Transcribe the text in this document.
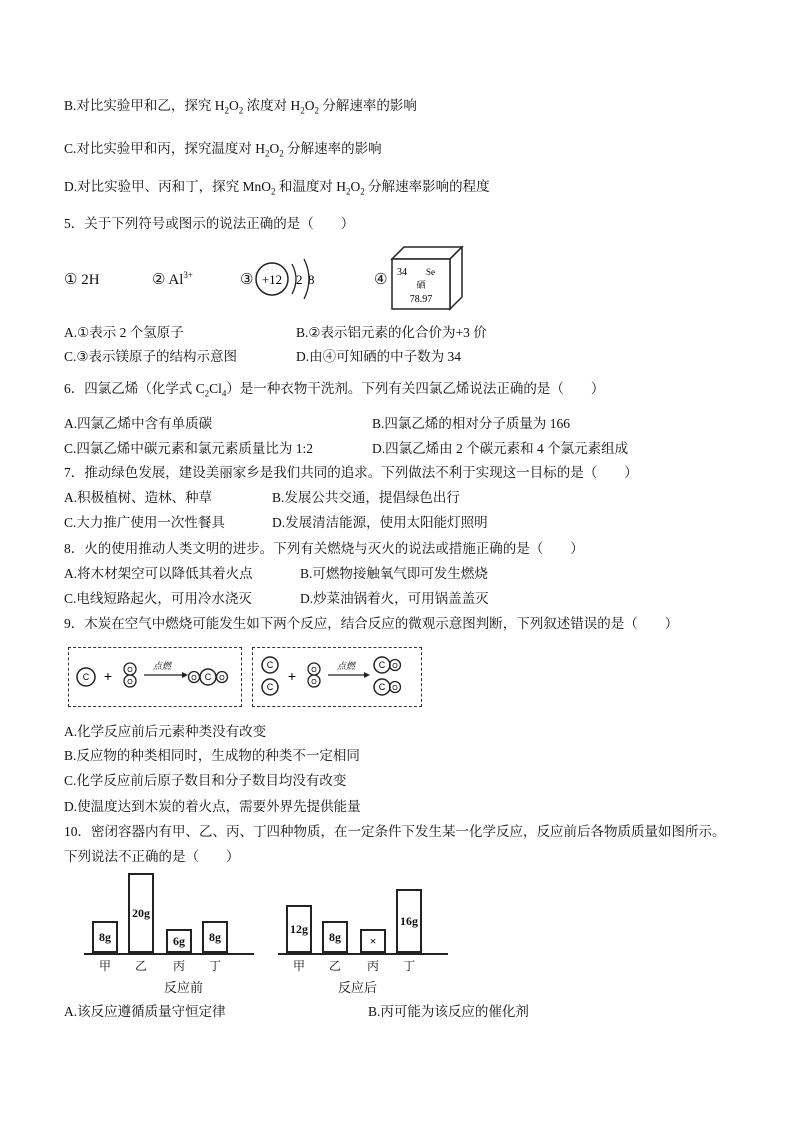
B.对比实验甲和乙，探究 $H_2O_2$ 浓度对 $H_2O_2$ 分解速率的影响
C.对比实验甲和丙，探究温度对 $H_2O_2$ 分解速率的影响
D.对比实验甲、丙和丁，探究 MnO$_2$ 和温度对 $H_2O_2$ 分解速率影响的程度
5．关于下列符号或图示的说法正确的是（　　）
① 2H	② $Al^{3+}$	③ +12 2 8	④ 34 Se
硒
78.97
A.①表示 2 个氢原子	B.②表示铝元素的化合价为+3 价
C.③表示镁原子的结构示意图	D.由④可知硒的中子数为 34
6．四氯乙烯（化学式 $C_2Cl_4$）是一种衣物干洗剂。下列有关四氯乙烯说法正确的是（　　）
A.四氯乙烯中含有单质碳	B.四氯乙烯的相对分子质量为 166
C.四氯乙烯中碳元素和氯元素质量比为 1:2	D.四氯乙烯由 2 个碳元素和 4 个氯元素组成
7．推动绿色发展，建设美丽家乡是我们共同的追求。下列做法不利于实现这一目标的是（　　）
A.积极植树、造林、种草	B.发展公共交通，提倡绿色出行
C.大力推广使用一次性餐具	D.发展清洁能源，使用太阳能灯照明
8．火的使用推动人类文明的进步。下列有关燃烧与灭火的说法或措施正确的是（　　）
A.将木材架空可以降低其着火点	B.可燃物接触氧气即可发生燃烧
C.电线短路起火，可用冷水浇灭	D.炒菜油锅着火，可用锅盖盖灭
9．木炭在空气中燃烧可能发生如下两个反应，结合反应的微观示意图判断，下列叙述错误的是（　　）
C + O
O
点燃
O C O
C
C
+ O
O
点燃	C O
C O
A.化学反应前后元素种类没有改变
B.反应物的种类相同时，生成物的种类不一定相同
C.化学反应前后原子数目和分子数目均没有改变
D.使温度达到木炭的着火点，需要外界先提供能量
10．密闭容器内有甲、乙、丙、丁四种物质，在一定条件下发生某一化学反应，反应前后各物质质量如图所示。
下列说法不正确的是（　　）
8g
甲
20g
乙
6g
丙
8g
丁
12g
甲
8g
乙
×
丙
16g
丁
反应前	反应后
A.该反应遵循质量守恒定律	B.丙可能为该反应的催化剂
